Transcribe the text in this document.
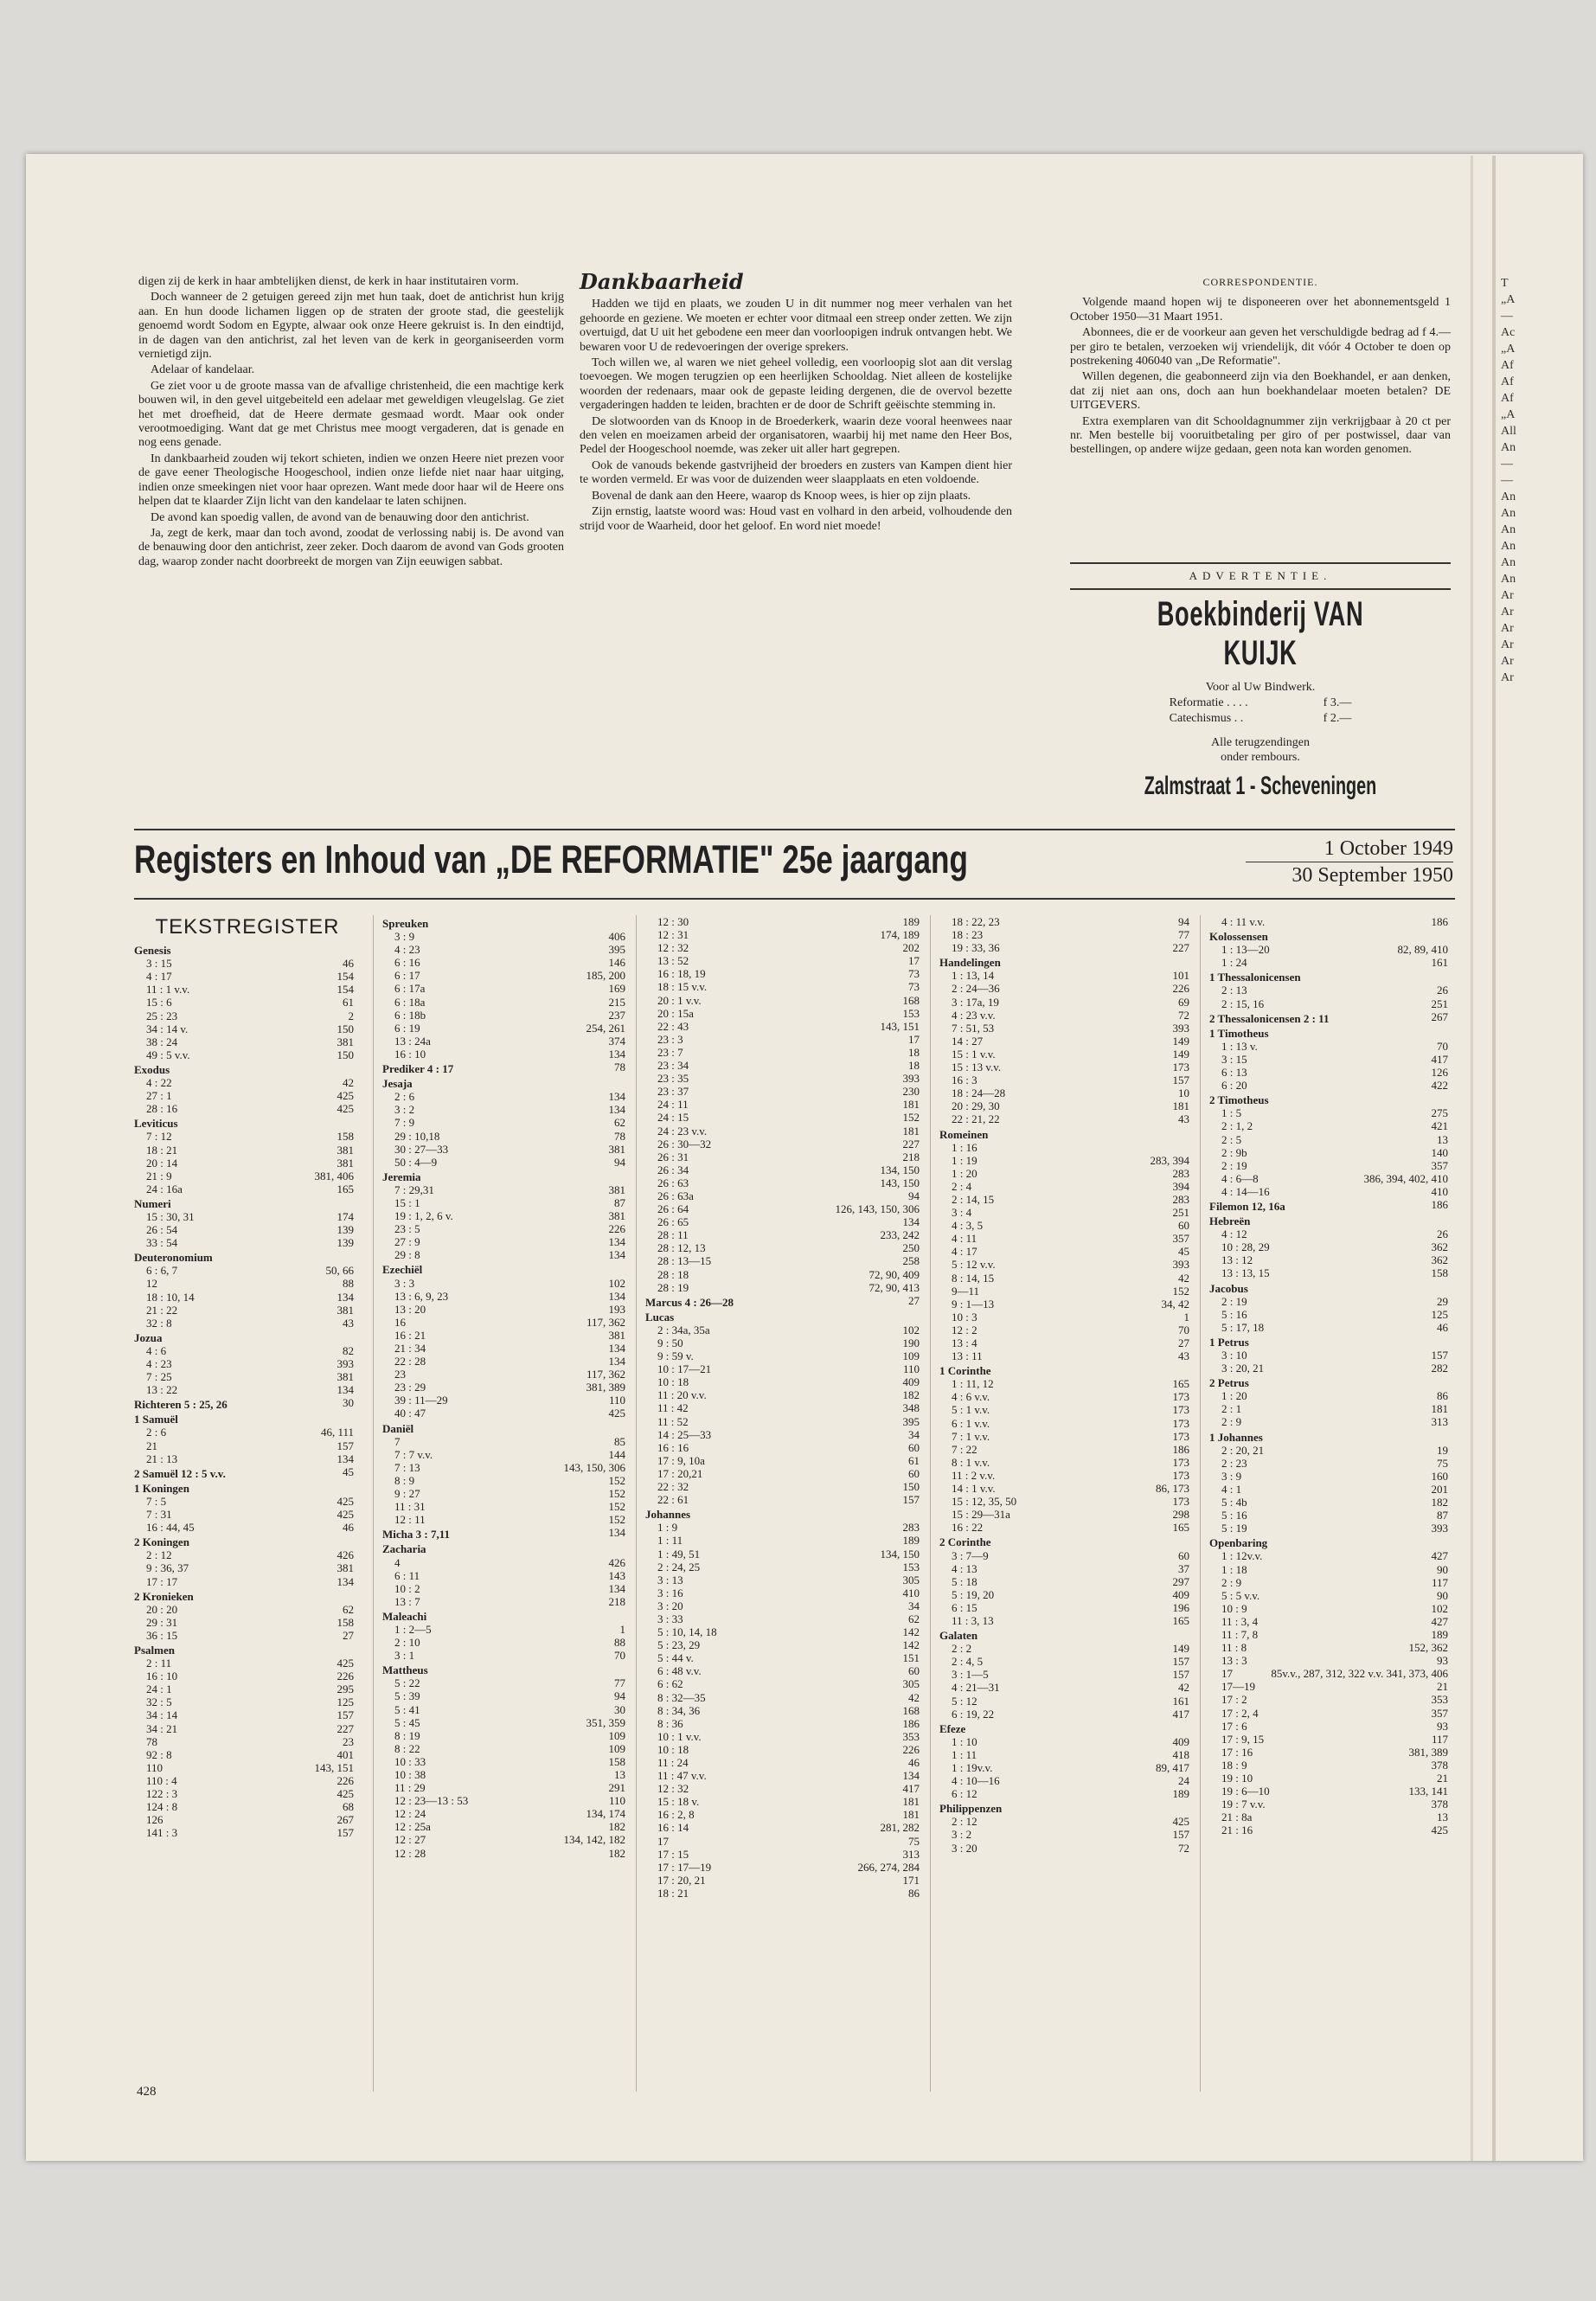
digen zij de kerk in haar ambtelijken dienst, de kerk in haar institutairen vorm.

Doch wanneer de 2 getuigen gereed zijn met hun taak, doet de antichrist hun krijg aan. En hun doode lichamen liggen op de straten der groote stad, die geestelijk genoemd wordt Sodom en Egypte, alwaar ook onze Heere gekruist is. In den eindtijd, in de dagen van den antichrist, zal het leven van de kerk in georganiseerden vorm vernietigd zijn.

Adelaar of kandelaar.

Ge ziet voor u de groote massa van de afvallige christenheid, die een machtige kerk bouwen wil, in den gevel uitgebeiteld een adelaar met geweldigen vleugelslag. Ge ziet het met droefheid, dat de Heere dermate gesmaad wordt. Maar ook onder verootmoediging. Want dat ge met Christus mee moogt vergaderen, dat is genade en nog eens genade.

In dankbaarheid zouden wij tekort schieten, indien we onzen Heere niet prezen voor de gave eener Theologische Hoogeschool, indien onze liefde niet naar haar uitging, indien onze smeekingen niet voor haar oprezen. Want mede door haar wil de Heere ons helpen dat te klaarder Zijn licht van den kandelaar te laten schijnen.

De avond kan spoedig vallen, de avond van de benauwing door den antichrist.

Ja, zegt de kerk, maar dan toch avond, zoodat de verlossing nabij is. De avond van de benauwing door den antichrist, zeer zeker. Doch daarom de avond van Gods grooten dag, waarop zonder nacht doorbreekt de morgen van Zijn eeuwigen sabbat.

Dankbaarheid

Hadden we tijd en plaats, we zouden U in dit nummer nog meer verhalen van het gehoorde en geziene. We moeten er echter voor ditmaal een streep onder zetten. We zijn overtuigd, dat U uit het gebodene een meer dan voorloopigen indruk ontvangen hebt. We bewaren voor U de redevoeringen der overige sprekers.

Toch willen we, al waren we niet geheel volledig, een voorloopig slot aan dit verslag toevoegen. We mogen terugzien op een heerlijken Schooldag. Niet alleen de kostelijke woorden der redenaars, maar ook de gepaste leiding dergenen, die de overvol bezette vergaderingen hadden te leiden, brachten er de door de Schrift geëischte stemming in.

De slotwoorden van ds Knoop in de Broederkerk, waarin deze vooral heenwees naar den velen en moeizamen arbeid der organisatoren, waarbij hij met name den Heer Bos, Pedel der Hoogeschool noemde, was zeker uit aller hart gegrepen.

Ook de vanouds bekende gastvrijheid der broeders en zusters van Kampen dient hier te worden vermeld. Er was voor de duizenden weer slaapplaats en eten voldoende.

Bovenal de dank aan den Heere, waarop ds Knoop wees, is hier op zijn plaats.

Zijn ernstig, laatste woord was: Houd vast en volhard in den arbeid, volhoudende den strijd voor de Waarheid, door het geloof. En word niet moede!

CORRESPONDENTIE.

Volgende maand hopen wij te disponeeren over het abonnementsgeld 1 October 1950—31 Maart 1951.

Abonnees, die er de voorkeur aan geven het verschuldigde bedrag ad f 4.— per giro te betalen, verzoeken wij vriendelijk, dit vóór 4 October te doen op postrekening 406040 van „De Reformatie".

Willen degenen, die geabonneerd zijn via den Boekhandel, er aan denken, dat zij niet aan ons, doch aan hun boekhandelaar moeten betalen? DE UITGEVERS.

Extra exemplaren van dit Schooldagnummer zijn verkrijgbaar à 20 ct per nr. Men bestelle bij vooruitbetaling per giro of per postwissel, daar van bestellingen, op andere wijze gedaan, geen nota kan worden genomen.

ADVERTENTIE.
Boekbinderij VAN KUIJK
Voor al Uw Bindwerk.
Reformatie . . . .	f 3.—
Catechismus . .	f 2.—
Alle terugzendingen
onder rembours.
Zalmstraat 1 - Scheveningen
Registers en Inhoud van „DE REFORMATIE" 25e jaargang	1 October 1949
30 September 1950
TEKSTREGISTER
Genesis
3 : 15	46
4 : 17	154
11 : 1 v.v.	154
15 : 6	61
25 : 23	2
34 : 14 v.	150
38 : 24	381
49 : 5 v.v.	150
Exodus
4 : 22	42
27 : 1	425
28 : 16	425
Leviticus
7 : 12	158
18 : 21	381
20 : 14	381
21 : 9	381, 406
24 : 16a	165
Numeri
15 : 30, 31	174
26 : 54	139
33 : 54	139
Deuteronomium
6 : 6, 7	50, 66
12	88
18 : 10, 14	134
21 : 22	381
32 : 8	43
Jozua
4 : 6	82
4 : 23	393
7 : 25	381
13 : 22	134
Richteren 5 : 25, 26	30
1 Samuël
2 : 6	46, 111
21	157
21 : 13	134
2 Samuël 12 : 5 v.v.	45
1 Koningen
7 : 5	425
7 : 31	425
16 : 44, 45	46
2 Koningen
2 : 12	426
9 : 36, 37	381
17 : 17	134
2 Kronieken
20 : 20	62
29 : 31	158
36 : 15	27
Psalmen
2 : 11	425
16 : 10	226
24 : 1	295
32 : 5	125
34 : 14	157
34 : 21	227
78	23
92 : 8	401
110	143, 151
110 : 4	226
122 : 3	425
124 : 8	68
126	267
141 : 3	157
Spreuken
3 : 9	406
4 : 23	395
6 : 16	146
6 : 17	185, 200
6 : 17a	169
6 : 18a	215
6 : 18b	237
6 : 19	254, 261
13 : 24a	374
16 : 10	134
Prediker 4 : 17	78
Jesaja
2 : 6	134
3 : 2	134
7 : 9	62
29 : 10,18	78
30 : 27—33	381
50 : 4—9	94
Jeremia
7 : 29,31	381
15 : 1	87
19 : 1, 2, 6 v.	381
23 : 5	226
27 : 9	134
29 : 8	134
Ezechiël
3 : 3	102
13 : 6, 9, 23	134
13 : 20	193
16	117, 362
16 : 21	381
21 : 34	134
22 : 28	134
23	117, 362
23 : 29	381, 389
39 : 11—29	110
40 : 47	425
Daniël
7	85
7 : 7 v.v.	144
7 : 13	143, 150, 306
8 : 9	152
9 : 27	152
11 : 31	152
12 : 11	152
Micha 3 : 7,11	134
Zacharia
4	426
6 : 11	143
10 : 2	134
13 : 7	218
Maleachi
1 : 2—5	1
2 : 10	88
3 : 1	70
Mattheus
5 : 22	77
5 : 39	94
5 : 41	30
5 : 45	351, 359
8 : 19	109
8 : 22	109
10 : 33	158
10 : 38	13
11 : 29	291
12 : 23—13 : 53	110
12 : 24	134, 174
12 : 25a	182
12 : 27	134, 142, 182
12 : 28	182
12 : 30	189
12 : 31	174, 189
12 : 32	202
13 : 52	17
16 : 18, 19	73
18 : 15 v.v.	73
20 : 1 v.v.	168
20 : 15a	153
22 : 43	143, 151
23 : 3	17
23 : 7	18
23 : 34	18
23 : 35	393
23 : 37	230
24 : 11	181
24 : 15	152
24 : 23 v.v.	181
26 : 30—32	227
26 : 31	218
26 : 34	134, 150
26 : 63	143, 150
26 : 63a	94
26 : 64	126, 143, 150, 306
26 : 65	134
28 : 11	233, 242
28 : 12, 13	250
28 : 13—15	258
28 : 18	72, 90, 409
28 : 19	72, 90, 413
Marcus 4 : 26—28	27
Lucas
2 : 34a, 35a	102
9 : 50	190
9 : 59 v.	109
10 : 17—21	110
10 : 18	409
11 : 20 v.v.	182
11 : 42	348
11 : 52	395
14 : 25—33	34
16 : 16	60
17 : 9, 10a	61
17 : 20,21	60
22 : 32	150
22 : 61	157
Johannes
1 : 9	283
1 : 11	189
1 : 49, 51	134, 150
2 : 24, 25	153
3 : 13	305
3 : 16	410
3 : 20	34
3 : 33	62
5 : 10, 14, 18	142
5 : 23, 29	142
5 : 44 v.	151
6 : 48 v.v.	60
6 : 62	305
8 : 32—35	42
8 : 34, 36	168
8 : 36	186
10 : 1 v.v.	353
10 : 18	226
11 : 24	46
11 : 47 v.v.	134
12 : 32	417
15 : 18 v.	181
16 : 2, 8	181
16 : 14	281, 282
17	75
17 : 15	313
17 : 17—19	266, 274, 284
17 : 20, 21	171
18 : 21	86
18 : 22, 23	94
18 : 23	77
19 : 33, 36	227
Handelingen
1 : 13, 14	101
2 : 24—36	226
3 : 17a, 19	69
4 : 23 v.v.	72
7 : 51, 53	393
14 : 27	149
15 : 1 v.v.	149
15 : 13 v.v.	173
16 : 3	157
18 : 24—28	10
20 : 29, 30	181
22 : 21, 22	43
Romeinen
1 : 16
1 : 19	283, 394
1 : 20	283
2 : 4	394
2 : 14, 15	283
3 : 4	251
4 : 3, 5	60
4 : 11	357
4 : 17	45
5 : 12 v.v.	393
8 : 14, 15	42
9—11	152
9 : 1—13	34, 42
10 : 3	1
12 : 2	70
13 : 4	27
13 : 11	43
1 Corinthe
1 : 11, 12	165
4 : 6 v.v.	173
5 : 1 v.v.	173
6 : 1 v.v.	173
7 : 1 v.v.	173
7 : 22	186
8 : 1 v.v.	173
11 : 2 v.v.	173
14 : 1 v.v.	86, 173
15 : 12, 35, 50	173
15 : 29—31a	298
16 : 22	165
2 Corinthe
3 : 7—9	60
4 : 13	37
5 : 18	297
5 : 19, 20	409
6 : 15	196
11 : 3, 13	165
Galaten
2 : 2	149
2 : 4, 5	157
3 : 1—5	157
4 : 21—31	42
5 : 12	161
6 : 19, 22	417
Efeze
1 : 10	409
1 : 11	418
1 : 19v.v.	89, 417
4 : 10—16	24
6 : 12	189
Philippenzen
2 : 12	425
3 : 2	157
3 : 20	72
4 : 11 v.v.	186
Kolossensen
1 : 13—20	82, 89, 410
1 : 24	161
1 Thessalonicensen
2 : 13	26
2 : 15, 16	251
2 Thessalonicensen 2 : 11	267
1 Timotheus
1 : 13 v.	70
3 : 15	417
6 : 13	126
6 : 20	422
2 Timotheus
1 : 5	275
2 : 1, 2	421
2 : 5	13
2 : 9b	140
2 : 19	357
4 : 6—8	386, 394, 402, 410
4 : 14—16	410
Filemon 12, 16a	186
Hebreën
4 : 12	26
10 : 28, 29	362
13 : 12	362
13 : 13, 15	158
Jacobus
2 : 19	29
5 : 16	125
5 : 17, 18	46
1 Petrus
3 : 10	157
3 : 20, 21	282
2 Petrus
1 : 20	86
2 : 1	181
2 : 9	313
1 Johannes
2 : 20, 21	19
2 : 23	75
3 : 9	160
4 : 1	201
5 : 4b	182
5 : 16	87
5 : 19	393
Openbaring
1 : 12v.v.	427
1 : 18	90
2 : 9	117
5 : 5 v.v.	90
10 : 9	102
11 : 3, 4	427
11 : 7, 8	189
11 : 8	152, 362
13 : 3	93
17	85v.v., 287, 312, 322 v.v. 341, 373, 406
17—19	21
17 : 2	353
17 : 2, 4	357
17 : 6	93
17 : 9, 15	117
17 : 16	381, 389
18 : 9	378
19 : 10	21
19 : 6—10	133, 141
19 : 7 v.v.	378
21 : 8a	13
21 : 16	425
428
T
„A
—
Ac
„A
Af
Af
Af
„A
All
An
—
—
An
An
An
An
An
An
Ar
Ar
Ar
Ar
Ar
Ar
